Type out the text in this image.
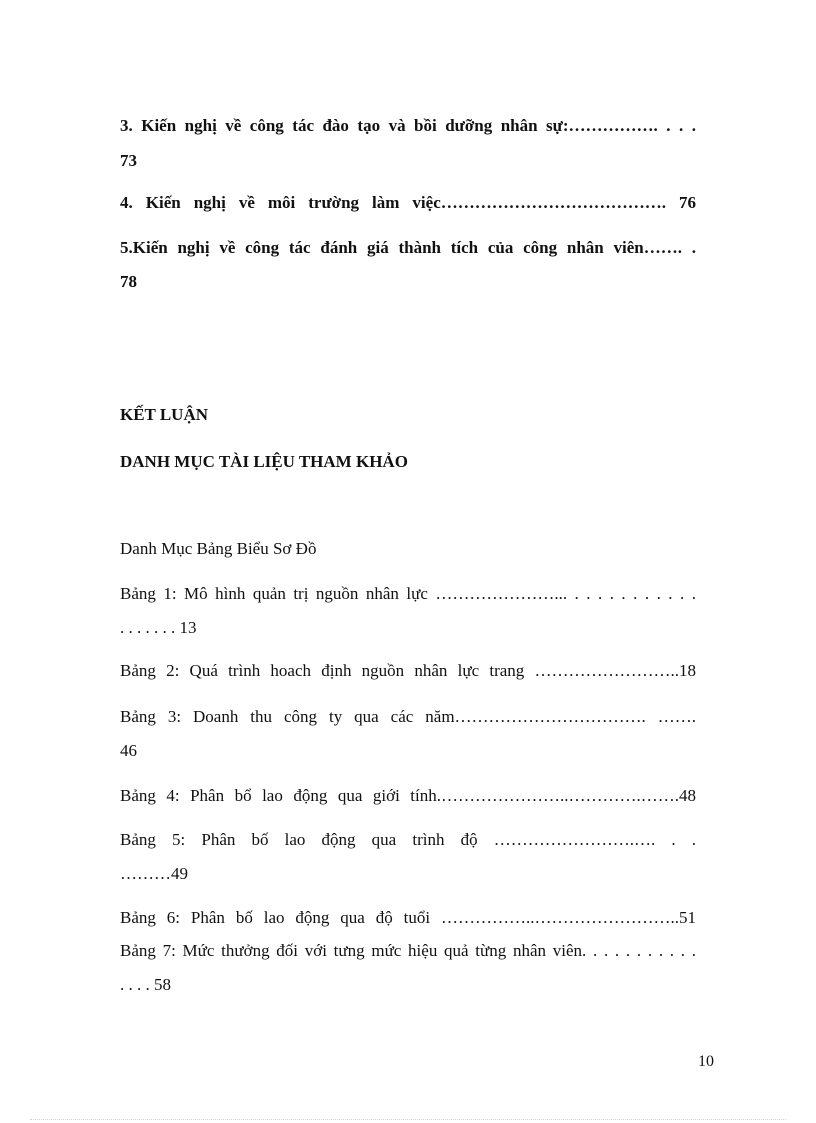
3. Kiến nghị về công tác đào tạo và bồi dưỡng nhân sự:……………. . . .

73

4. Kiến nghị về môi trường làm việc…………………………………. 76

5.Kiến nghị về công tác đánh giá thành tích của công nhân viên……. .

78

KẾT LUẬN

DANH MỤC TÀI LIỆU THAM KHẢO

Danh Mục Bảng Biểu Sơ Đồ

Bảng 1: Mô hình quản trị nguồn nhân lực …………………... . . . . . . . . . . .

. . . . . . . 13

Bảng 2: Quá trình hoach định nguồn nhân lực trang ……………………..18

Bảng 3: Doanh thu công ty qua các năm……………………………. …….

46

Bảng 4: Phân bổ lao động qua giới tính.…………………..………….…….48

Bảng 5: Phân bố lao động qua trình độ …………………….…. . .

………49

Bảng 6: Phân bố lao động qua độ tuổi ……………..……………………..51

Bảng 7: Mức thưởng đối với tưng mức hiệu quả từng nhân viên. . . . . . . . . . .

. . . . 58

10
